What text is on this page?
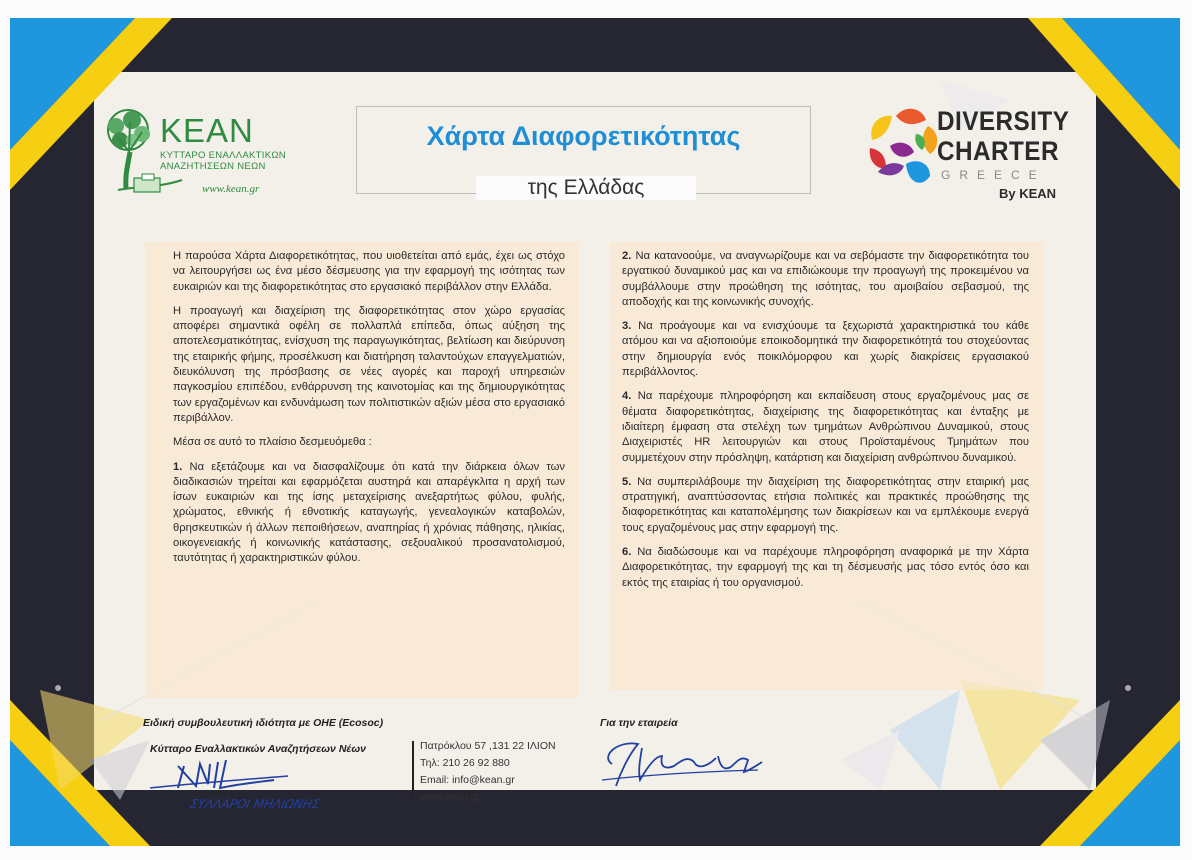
KEAN
ΚΥΤΤΑΡΟ ΕΝΑΛΛΑΚΤΙΚΩΝ
ΑΝΑΖΗΤΗΣΕΩΝ ΝΕΩΝ
www.kean.gr
Χάρτα Διαφορετικότητας
της Ελλάδας
DIVERSITY
CHARTER
GREECE
By KEAN

Η παρούσα Χάρτα Διαφορετικότητας, που υιοθετείται από εμάς, έχει ως στόχο να λειτουργήσει ως ένα μέσο δέσμευσης για την εφαρμογή της ισότητας των ευκαιριών και της διαφορετικότητας στο εργασιακό περιβάλλον στην Ελλάδα.

Η προαγωγή και διαχείριση της διαφορετικότητας στον χώρο εργασίας αποφέρει σημαντικά οφέλη σε πολλαπλά επίπεδα, όπως αύξηση της αποτελεσματικότητας, ενίσχυση της παραγωγικότητας, βελτίωση και διεύρυνση της εταιρικής φήμης, προσέλκυση και διατήρηση ταλαντούχων επαγγελματιών, διευκόλυνση της πρόσβασης σε νέες αγορές και παροχή υπηρεσιών παγκοσμίου επιπέδου, ενθάρρυνση της καινοτομίας και της δημιουργικότητας των εργαζομένων και ενδυνάμωση των πολιτιστικών αξιών μέσα στο εργασιακό περιβάλλον.

Μέσα σε αυτό το πλαίσιο δεσμευόμεθα :

1. Να εξετάζουμε και να διασφαλίζουμε ότι κατά την διάρκεια όλων των διαδικασιών τηρείται και εφαρμόζεται αυστηρά και απαρέγκλιτα η αρχή των ίσων ευκαιριών και της ίσης μεταχείρισης ανεξαρτήτως φύλου, φυλής, χρώματος, εθνικής ή εθνοτικής καταγωγής, γενεαλογικών καταβολών, θρησκευτικών ή άλλων πεποιθήσεων, αναπηρίας ή χρόνιας πάθησης, ηλικίας, οικογενειακής ή κοινωνικής κατάστασης, σεξουαλικού προσανατολισμού, ταυτότητας ή χαρακτηριστικών φύλου.

2. Να κατανοούμε, να αναγνωρίζουμε και να σεβόμαστε την διαφορετικότητα του εργατικού δυναμικού μας και να επιδιώκουμε την προαγωγή της προκειμένου να συμβάλλουμε στην προώθηση της ισότητας, του αμοιβαίου σεβασμού, της αποδοχής και της κοινωνικής συνοχής.

3. Να προάγουμε και να ενισχύουμε τα ξεχωριστά χαρακτηριστικά του κάθε ατόμου και να αξιοποιούμε εποικοδομητικά την διαφορετικότητά του στοχεύοντας στην δημιουργία ενός ποικιλόμορφου και χωρίς διακρίσεις εργασιακού περιβάλλοντος.

4. Να παρέχουμε πληροφόρηση και εκπαίδευση στους εργαζομένους μας σε θέματα διαφορετικότητας, διαχείρισης της διαφορετικότητας και ένταξης με ιδιαίτερη έμφαση στα στελέχη των τμημάτων Ανθρώπινου Δυναμικού, στους Διαχειριστές HR λειτουργιών και στους Προϊσταμένους Τμημάτων που συμμετέχουν στην πρόσληψη, κατάρτιση και διαχείριση ανθρώπινου δυναμικού.

5. Να συμπεριλάβουμε την διαχείριση της διαφορετικότητας στην εταιρική μας στρατηγική, αναπτύσσοντας ετήσια πολιτικές και πρακτικές προώθησης της διαφορετικότητας και καταπολέμησης των διακρίσεων και να εμπλέκουμε ενεργά τους εργαζομένους μας στην εφαρμογή της.

6. Να διαδώσουμε και να παρέχουμε πληροφόρηση αναφορικά με την Χάρτα Διαφορετικότητας, την εφαρμογή της και τη δέσμευσής μας τόσο εντός όσο και εκτός της εταιρίας ή του οργανισμού.

Ειδική συμβουλευτική ιδιότητα με ΟΗΕ (Ecosoc)
Κύτταρο Εναλλακτικών Αναζητήσεων Νέων
Για την εταιρεία
Πατρόκλου 57 ,131 22 ΙΛΙΟΝ
Τηλ: 210 26 92 880
Email: info@kean.gr
www.kean.gr
ΣΥΛΛΑΡΟΙ ΜΗΛΙΩΝΗΣ
